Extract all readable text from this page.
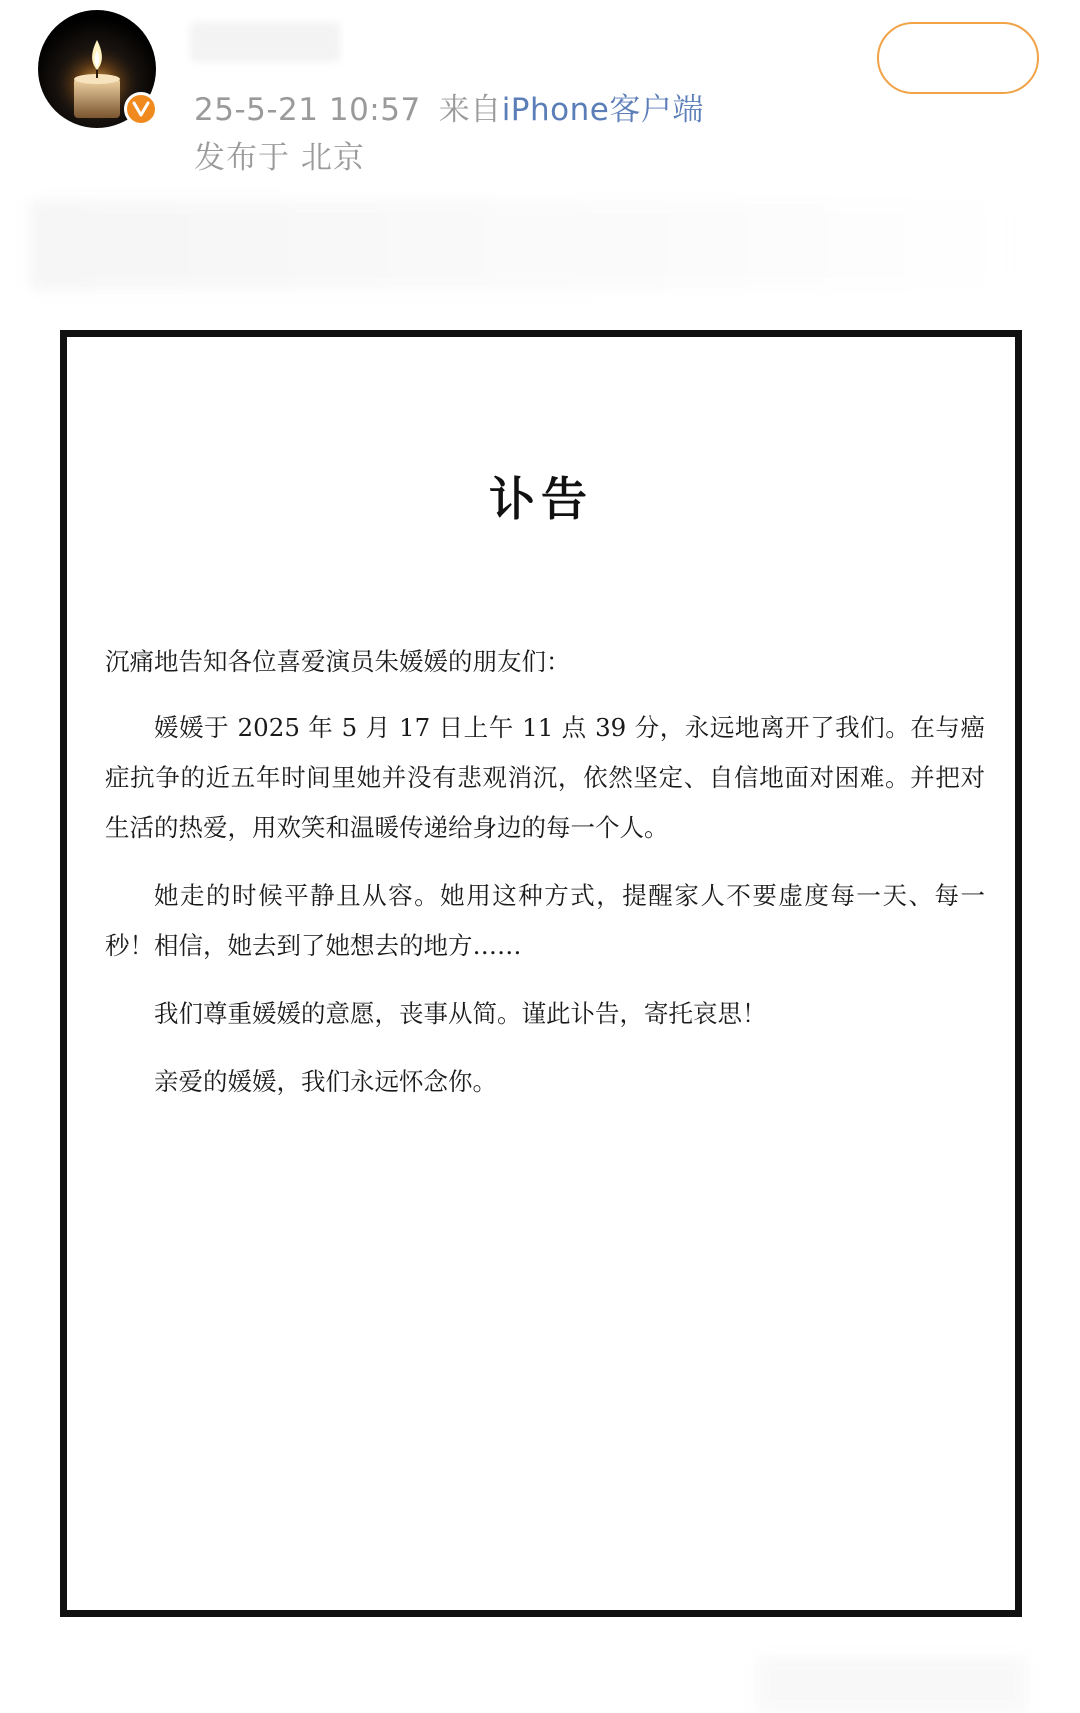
25-5-21 10:57 来自iPhone客户端
发布于 北京
讣告

沉痛地告知各位喜爱演员朱媛媛的朋友们：

媛媛于 2025 年 5 月 17 日上午 11 点 39 分，永远地离开了我们。在与癌症抗争的近五年时间里她并没有悲观消沉，依然坚定、自信地面对困难。并把对生活的热爱，用欢笑和温暖传递给身边的每一个人。

她走的时候平静且从容。她用这种方式，提醒家人不要虚度每一天、每一秒！相信，她去到了她想去的地方……

我们尊重媛媛的意愿，丧事从简。谨此讣告，寄托哀思！

亲爱的媛媛，我们永远怀念你。
